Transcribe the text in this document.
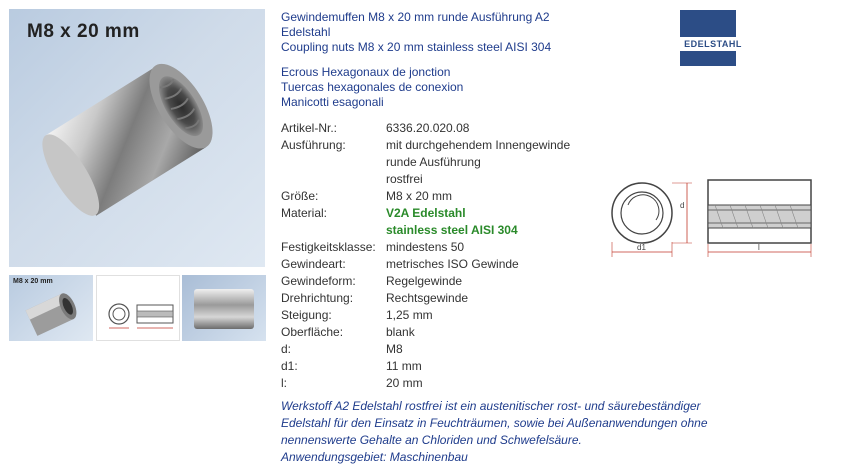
M8 x 20 mm
M8 x 20 mm
Gewindemuffen M8 x 20 mm runde Ausführung A2
Edelstahl
Coupling nuts M8 x 20 mm stainless steel AISI 304
Ecrous Hexagonaux de jonction
Tuercas hexagonales de conexion
Manicotti esagonali
Artikel-Nr.:	6336.20.020.08
Ausführung:	mit durchgehendem Innengewinde
runde Ausführung
rostfrei
Größe:	M8 x 20 mm
Material:	V2A Edelstahl
stainless steel AISI 304
Festigkeitsklasse: mindestens 50
Gewindeart:	metrisches ISO Gewinde
Gewindeform:	Regelgewinde
Drehrichtung:	Rechtsgewinde
Steigung:	1,25 mm
Oberfläche:	blank
d:	M8
d1:	11 mm
l:	20 mm
Werkstoff A2 Edelstahl rostfrei ist ein austenitischer rost- und säurebeständiger
Edelstahl für den Einsatz in Feuchträumen, sowie bei Außenanwendungen ohne
nennenswerte Gehalte an Chloriden und Schwefelsäure.
Anwendungsgebiet: Maschinenbau
EDELSTAHL
d
d1	l
